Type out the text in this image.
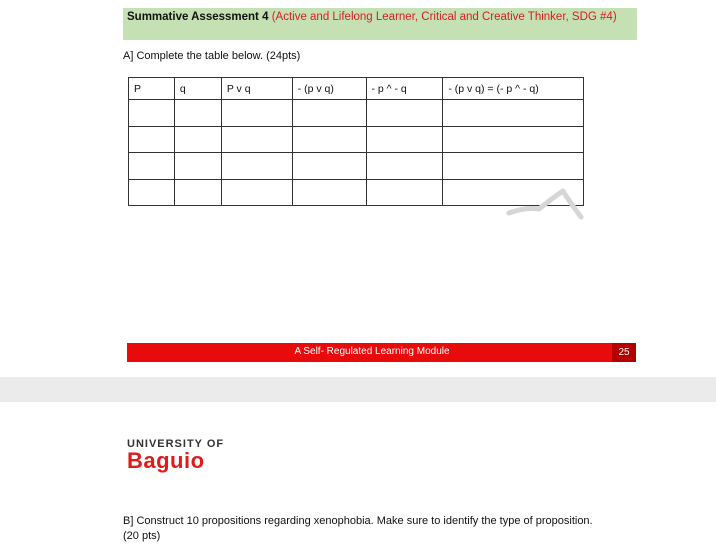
Summative Assessment 4 (Active and Lifelong Learner, Critical and Creative Thinker, SDG #4)
A] Complete the table below. (24pts)
P	q	P v q	- (p v q)	- p ^ - q	- (p v q) = (- p ^ - q)

A Self- Regulated Learning Module	25
UNIVERSITY OF
Baguio
B] Construct 10 propositions regarding xenophobia. Make sure to identify the type of proposition. (20 pts)
